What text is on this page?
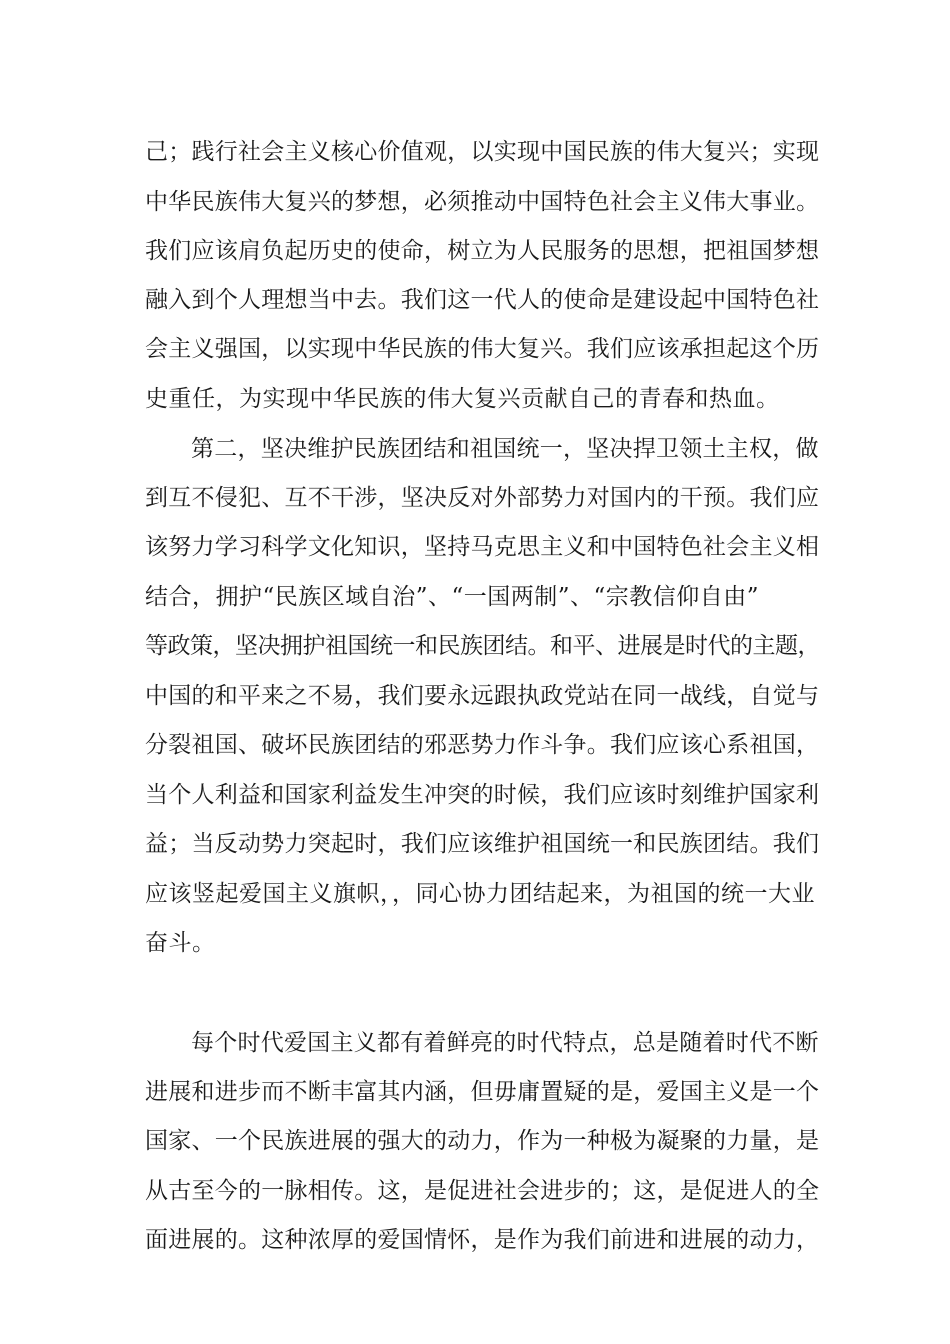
己；践行社会主义核心价值观，以实现中国民族的伟大复兴；实现
中华民族伟大复兴的梦想，必须推动中国特色社会主义伟大事业。
我们应该肩负起历史的使命，树立为人民服务的思想，把祖国梦想
融入到个人理想当中去。我们这一代人的使命是建设起中国特色社
会主义强国，以实现中华民族的伟大复兴。我们应该承担起这个历
史重任，为实现中华民族的伟大复兴贡献自己的青春和热血。
第二，坚决维护民族团结和祖国统一，坚决捍卫领土主权，做
到互不侵犯、互不干涉，坚决反对外部势力对国内的干预。我们应
该努力学习科学文化知识，坚持马克思主义和中国特色社会主义相
结合，拥护“民族区域自治”、“一国两制”、“宗教信仰自由”
等政策，坚决拥护祖国统一和民族团结。和平、进展是时代的主题，
中国的和平来之不易，我们要永远跟执政党站在同一战线，自觉与
分裂祖国、破坏民族团结的邪恶势力作斗争。我们应该心系祖国，
当个人利益和国家利益发生冲突的时候，我们应该时刻维护国家利
益；当反动势力突起时，我们应该维护祖国统一和民族团结。我们
应该竖起爱国主义旗帜，，同心协力团结起来，为祖国的统一大业
奋斗。
每个时代爱国主义都有着鲜亮的时代特点，总是随着时代不断
进展和进步而不断丰富其内涵，但毋庸置疑的是，爱国主义是一个
国家、一个民族进展的强大的动力，作为一种极为凝聚的力量，是
从古至今的一脉相传。这，是促进社会进步的；这，是促进人的全
面进展的。这种浓厚的爱国情怀，是作为我们前进和进展的动力，
